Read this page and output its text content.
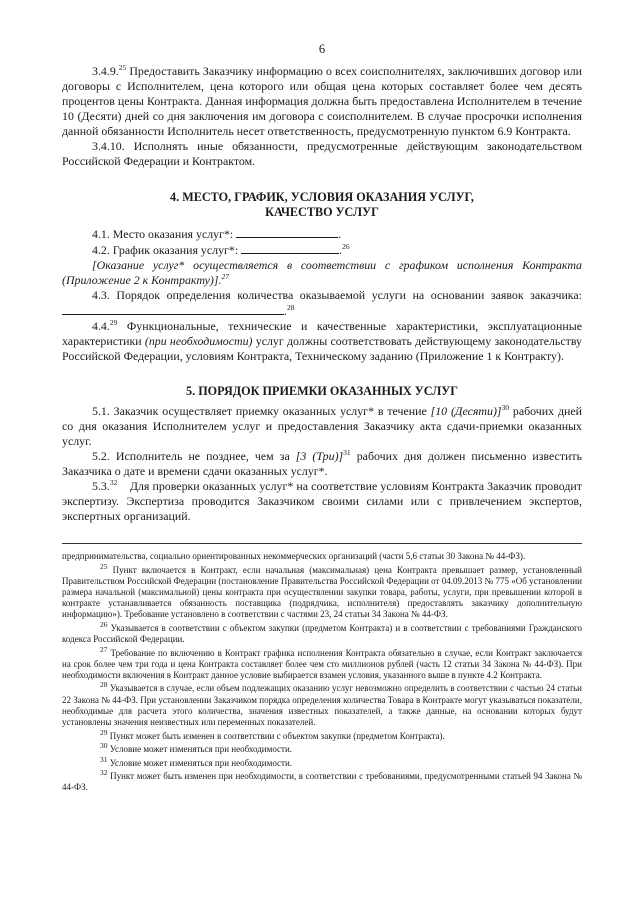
6

3.4.9.25 Предоставить Заказчику информацию о всех соисполнителях, заключивших договор или договоры с Исполнителем, цена которого или общая цена которых составляет более чем десять процентов цены Контракта. Данная информация должна быть предоставлена Исполнителем в течение 10 (Десяти) дней со дня заключения им договора с соисполнителем. В случае просрочки исполнения данной обязанности Исполнитель несет ответственность, предусмотренную пунктом 6.9 Контракта.

3.4.10. Исполнять иные обязанности, предусмотренные действующим законодательством Российской Федерации и Контрактом.

4. МЕСТО, ГРАФИК, УСЛОВИЯ ОКАЗАНИЯ УСЛУГ,

КАЧЕСТВО УСЛУГ

4.1. Место оказания услуг*:	.

4.2. График оказания услуг*:	.$^{26}$

[Оказание услуг* осуществляется в соответствии с графиком исполнения Контракта (Приложение 2 к Контракту)].$^{27}$

4.3. Порядок определения количества оказываемой услуги на основании заявок заказчика:.$^{28}$

4.4.29 Функциональные, технические и качественные характеристики, эксплуатационные характеристики (при необходимости) услуг должны соответствовать действующему законодательству Российской Федерации, условиям Контракта, Техническому заданию (Приложение 1 к Контракту).

5. ПОРЯДОК ПРИЕМКИ ОКАЗАННЫХ УСЛУГ

5.1. Заказчик осуществляет приемку оказанных услуг* в течение [10 (Десяти)]$^{30}$ рабочих дней со дня оказания Исполнителем услуг и предоставления Заказчику акта сдачи-приемки оказанных услуг.

5.2. Исполнитель не позднее, чем за [3 (Три)]$^{31}$ рабочих дня должен письменно известить Заказчика о дате и времени сдачи оказанных услуг*.

5.3.32    Для проверки оказанных услуг* на соответствие условиям Контракта Заказчик проводит экспертизу. Экспертиза проводится Заказчиком своими силами или с привлечением экспертов, экспертных организаций.

предпринимательства, социально ориентированных некоммерческих организаций (части 5,6 статьи 30 Закона № 44-ФЗ).

$^{25}$ Пункт включается в Контракт, если начальная (максимальная) цена Контракта превышает размер, установленный Правительством Российской Федерации (постановление Правительства Российской Федерации от 04.09.2013 № 775 «Об установлении размера начальной (максимальной) цены контракта при осуществлении закупки товара, работы, услуги, при превышении которой в контракте устанавливается обязанность поставщика (подрядчика, исполнителя) предоставлять заказчику дополнительную информацию»). Требование установлено в соответствии с частями 23, 24 статьи 34 Закона № 44-ФЗ.

$^{26}$ Указывается в соответствии с объектом закупки (предметом Контракта) и в соответствии с требованиями Гражданского кодекса Российской Федерации.

$^{27}$ Требование по включению в Контракт графика исполнения Контракта обязательно в случае, если Контракт заключается на срок более чем три года и цена Контракта составляет более чем сто миллионов рублей (часть 12 статьи 34 Закона № 44-ФЗ). При необходимости включения в Контракт данное условие выбирается взамен условия, указанного выше в пункте 4.2 Контракта.

$^{28}$ Указывается в случае, если объем подлежащих оказанию услуг невозможно определить в соответствии с частью 24 статьи 22 Закона № 44-ФЗ. При установлении Заказчиком порядка определения количества Товара в Контракте могут указываться показатели, необходимые для расчета этого количества, значения известных показателей, а также данные, на основании которых будут установлены значения неизвестных или переменных показателей.

$^{29}$ Пункт может быть изменен в соответствии с объектом закупки (предметом Контракта).

$^{30}$ Условие может изменяться при необходимости.

$^{31}$ Условие может изменяться при необходимости.

$^{32}$ Пункт может быть изменен при необходимости, в соответствии с требованиями, предусмотренными статьей 94 Закона № 44-ФЗ.
